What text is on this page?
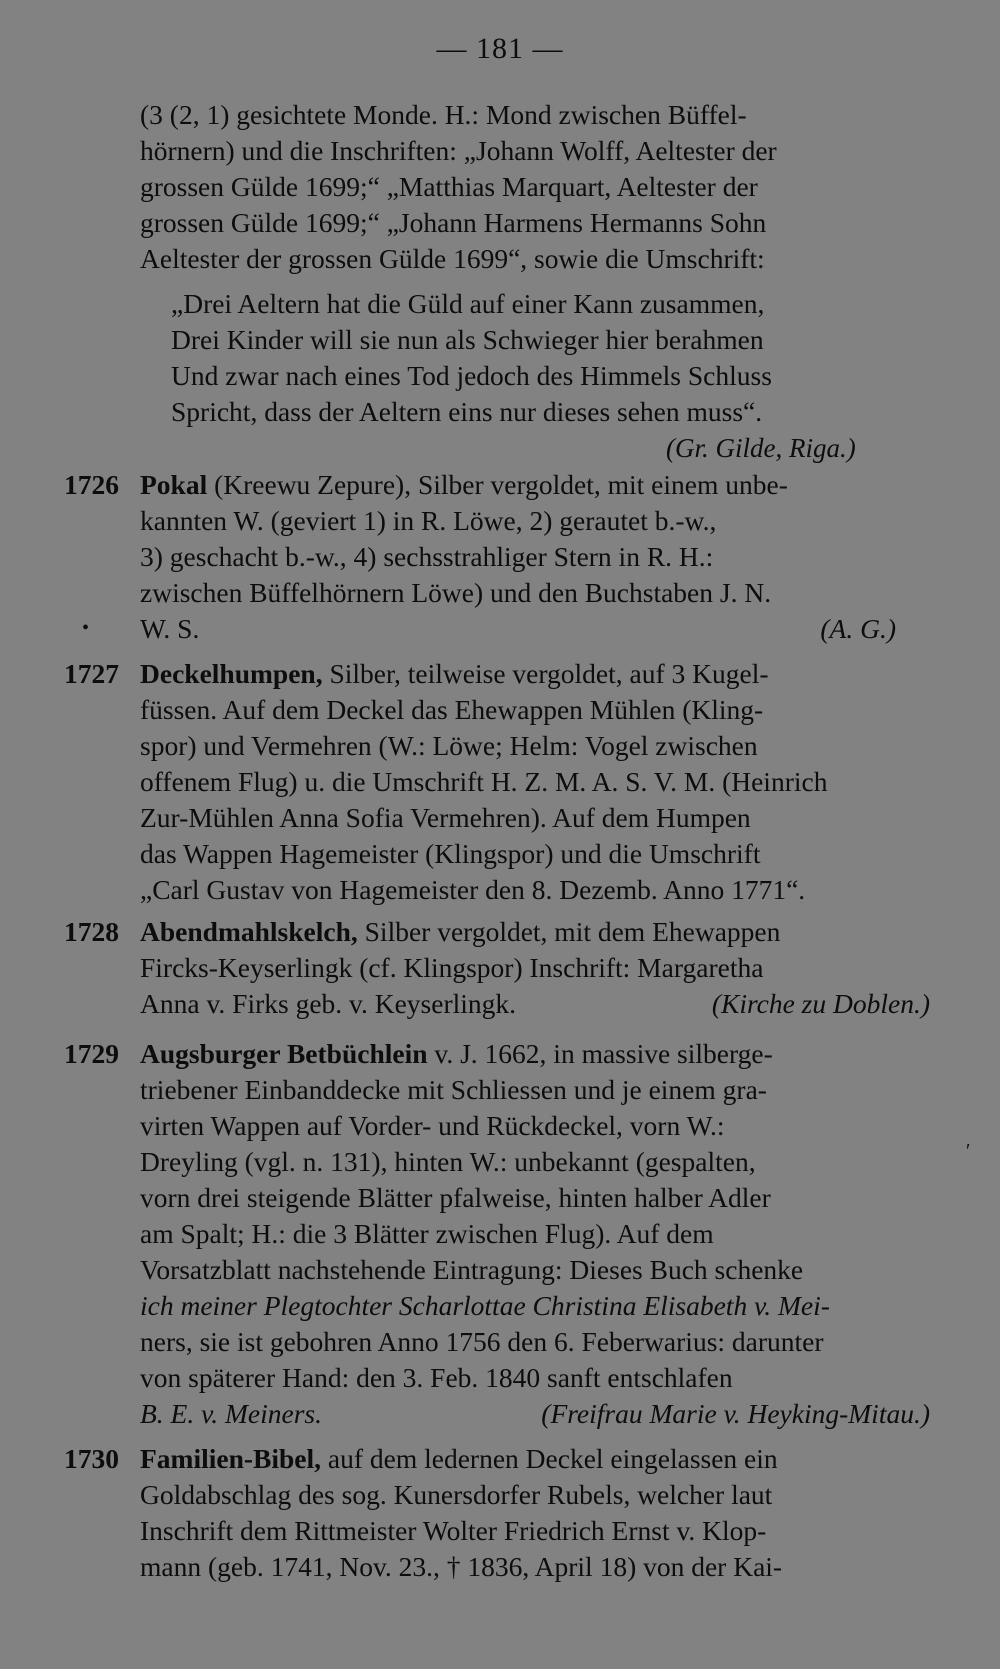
— 181 —
(3 (2, 1) gesichtete Monde. H.: Mond zwischen Büffel-
hörnern) und die Inschriften: „Johann Wolff, Aeltester der
grossen Gülde 1699;“ „Matthias Marquart, Aeltester der
grossen Gülde 1699;“ „Johann Harmens Hermanns Sohn
Aeltester der grossen Gülde 1699“, sowie die Umschrift:
„Drei Aeltern hat die Güld auf einer Kann zusammen,
Drei Kinder will sie nun als Schwieger hier berahmen
Und zwar nach eines Tod jedoch des Himmels Schluss
Spricht, dass der Aeltern eins nur dieses sehen muss“.
(Gr. Gilde, Riga.)
1726 Pokal (Kreewu Zepure), Silber vergoldet, mit einem unbe-
kannten W. (geviert 1) in R. Löwe, 2) gerautet b.-w.,
3) geschacht b.-w., 4) sechsstrahliger Stern in R. H.:
zwischen Büffelhörnern Löwe) und den Buchstaben J. N.
W. S.	(A. G.)
•
1727 Deckelhumpen, Silber, teilweise vergoldet, auf 3 Kugel-
füssen. Auf dem Deckel das Ehewappen Mühlen (Kling-
spor) und Vermehren (W.: Löwe; Helm: Vogel zwischen
offenem Flug) u. die Umschrift H. Z. M. A. S. V. M. (Heinrich
Zur-Mühlen Anna Sofia Vermehren). Auf dem Humpen
das Wappen Hagemeister (Klingspor) und die Umschrift
„Carl Gustav von Hagemeister den 8. Dezemb. Anno 1771“.
1728 Abendmahlskelch, Silber vergoldet, mit dem Ehewappen
Fircks-Keyserlingk (cf. Klingspor) Inschrift: Margaretha
Anna v. Firks geb. v. Keyserlingk.	(Kirche zu Doblen.)
1729 Augsburger Betbüchlein v. J. 1662, in massive silberge-
triebener Einbanddecke mit Schliessen und je einem gra-
virten Wappen auf Vorder- und Rückdeckel, vorn W.:
Dreyling (vgl. n. 131), hinten W.: unbekannt (gespalten,
vorn drei steigende Blätter pfalweise, hinten halber Adler
am Spalt; H.: die 3 Blätter zwischen Flug). Auf dem
Vorsatzblatt nachstehende Eintragung: Dieses Buch schenke
ich meiner Plegtochter Scharlottae Christina Elisabeth v. Mei-
ners, sie ist gebohren Anno 1756 den 6. Feberwarius: darunter
von späterer Hand: den 3. Feb. 1840 sanft entschlafen
B. E. v. Meiners.	(Freifrau Marie v. Heyking-Mitau.)
′
1730 Familien-Bibel, auf dem ledernen Deckel eingelassen ein
Goldabschlag des sog. Kunersdorfer Rubels, welcher laut
Inschrift dem Rittmeister Wolter Friedrich Ernst v. Klop-
mann (geb. 1741, Nov. 23., † 1836, April 18) von der Kai-
